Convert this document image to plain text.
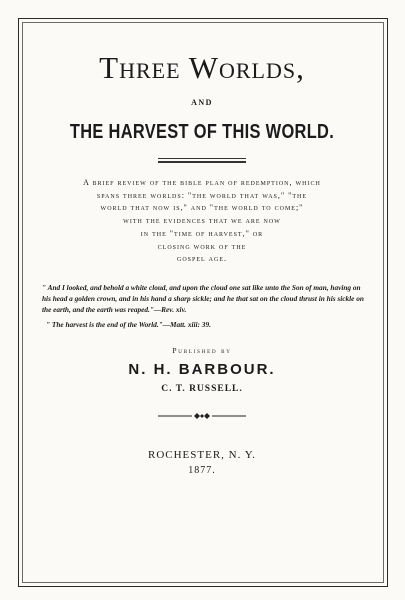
Three Worlds,
AND
THE HARVEST OF THIS WORLD.
A brief review of the bible plan of redemption, which
spans three worlds: "the world that was," "the
world that now is," and "the world to come;"
with the evidences that we are now
in the "time of harvest," or
closing work of the
gospel age.
" And I looked, and behold a white cloud, and upon the cloud one sat like unto the Son of man, having on his head a golden crown, and in his hand a sharp sickle; and he that sat on the cloud thrust in his sickle on the earth, and the earth was reaped."—Rev. xiv.
" The harvest is the end of the World."—Matt. xiii: 39.
Published by
N. H. BARBOUR.
C. T. RUSSELL.
ROCHESTER, N. Y.
1877.
